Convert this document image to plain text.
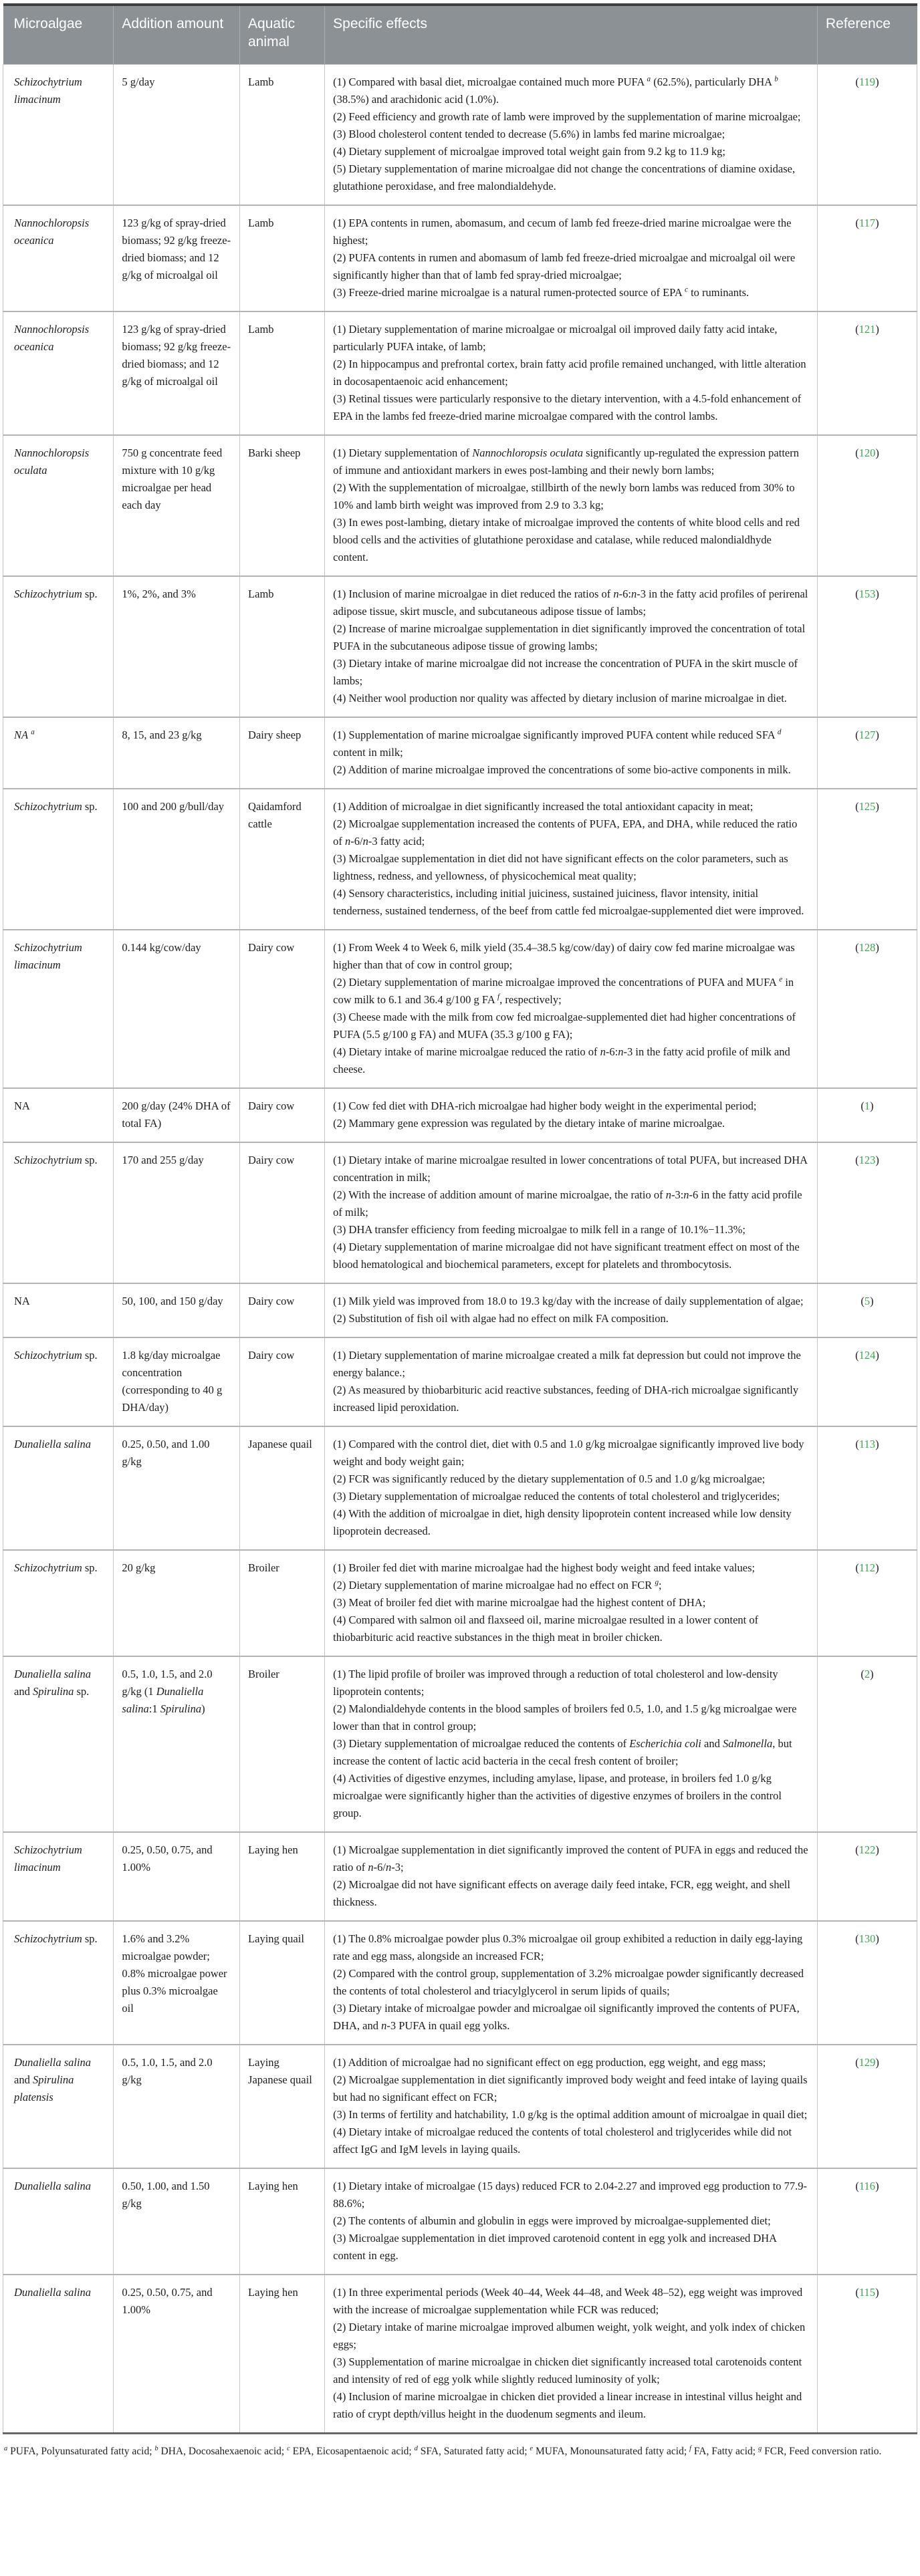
Microalgae	Addition amount	Aquatic animal	Specific effects	Reference
Schizochytrium limacinum	5 g/day	Lamb	(1) Compared with basal diet, microalgae contained much more PUFA $^a$ (62.5%), particularly DHA $^b$ (38.5%) and arachidonic acid (1.0%).
(2) Feed efficiency and growth rate of lamb were improved by the supplementation of marine microalgae;
(3) Blood cholesterol content tended to decrease (5.6%) in lambs fed marine microalgae;
(4) Dietary supplement of microalgae improved total weight gain from 9.2 kg to 11.9 kg;
(5) Dietary supplementation of marine microalgae did not change the concentrations of diamine oxidase, glutathione peroxidase, and free malondialdehyde.	(119)
Nannochloropsis oceanica	123 g/kg of spray-dried biomass; 92 g/kg freeze-dried biomass; and 12 g/kg of microalgal oil	Lamb	(1) EPA contents in rumen, abomasum, and cecum of lamb fed freeze-dried marine microalgae were the highest;
(2) PUFA contents in rumen and abomasum of lamb fed freeze-dried microalgae and microalgal oil were significantly higher than that of lamb fed spray-dried microalgae;
(3) Freeze-dried marine microalgae is a natural rumen-protected source of EPA $^c$ to ruminants.	(117)
Nannochloropsis oceanica	123 g/kg of spray-dried biomass; 92 g/kg freeze-dried biomass; and 12 g/kg of microalgal oil	Lamb	(1) Dietary supplementation of marine microalgae or microalgal oil improved daily fatty acid intake, particularly PUFA intake, of lamb;
(2) In hippocampus and prefrontal cortex, brain fatty acid profile remained unchanged, with little alteration in docosapentaenoic acid enhancement;
(3) Retinal tissues were particularly responsive to the dietary intervention, with a 4.5-fold enhancement of EPA in the lambs fed freeze-dried marine microalgae compared with the control lambs.	(121)
Nannochloropsis oculata	750 g concentrate feed mixture with 10 g/kg microalgae per head each day	Barki sheep	(1) Dietary supplementation of Nannochloropsis oculata significantly up-regulated the expression pattern of immune and antioxidant markers in ewes post-lambing and their newly born lambs;
(2) With the supplementation of microalgae, stillbirth of the newly born lambs was reduced from 30% to 10% and lamb birth weight was improved from 2.9 to 3.3 kg;
(3) In ewes post-lambing, dietary intake of microalgae improved the contents of white blood cells and red blood cells and the activities of glutathione peroxidase and catalase, while reduced malondialdhyde content.	(120)
Schizochytrium sp.	1%, 2%, and 3%	Lamb	(1) Inclusion of marine microalgae in diet reduced the ratios of n-6:n-3 in the fatty acid profiles of perirenal adipose tissue, skirt muscle, and subcutaneous adipose tissue of lambs;
(2) Increase of marine microalgae supplementation in diet significantly improved the concentration of total PUFA in the subcutaneous adipose tissue of growing lambs;
(3) Dietary intake of marine microalgae did not increase the concentration of PUFA in the skirt muscle of lambs;
(4) Neither wool production nor quality was affected by dietary inclusion of marine microalgae in diet.	(153)
NA $^a$	8, 15, and 23 g/kg	Dairy sheep	(1) Supplementation of marine microalgae significantly improved PUFA content while reduced SFA $^d$ content in milk;
(2) Addition of marine microalgae improved the concentrations of some bio-active components in milk.	(127)
Schizochytrium sp.	100 and 200 g/bull/day	Qaidamford cattle	(1) Addition of microalgae in diet significantly increased the total antioxidant capacity in meat;
(2) Microalgae supplementation increased the contents of PUFA, EPA, and DHA, while reduced the ratio of n-6/n-3 fatty acid;
(3) Microalgae supplementation in diet did not have significant effects on the color parameters, such as lightness, redness, and yellowness, of physicochemical meat quality;
(4) Sensory characteristics, including initial juiciness, sustained juiciness, flavor intensity, initial tenderness, sustained tenderness, of the beef from cattle fed microalgae-supplemented diet were improved.	(125)
Schizochytrium limacinum	0.144 kg/cow/day	Dairy cow	(1) From Week 4 to Week 6, milk yield (35.4–38.5 kg/cow/day) of dairy cow fed marine microalgae was higher than that of cow in control group;
(2) Dietary supplementation of marine microalgae improved the concentrations of PUFA and MUFA $^e$ in cow milk to 6.1 and 36.4 g/100 g FA $^f$, respectively;
(3) Cheese made with the milk from cow fed microalgae-supplemented diet had higher concentrations of PUFA (5.5 g/100 g FA) and MUFA (35.3 g/100 g FA);
(4) Dietary intake of marine microalgae reduced the ratio of n-6:n-3 in the fatty acid profile of milk and cheese.	(128)
NA	200 g/day (24% DHA of total FA)	Dairy cow	(1) Cow fed diet with DHA-rich microalgae had higher body weight in the experimental period;
(2) Mammary gene expression was regulated by the dietary intake of marine microalgae.	(1)
Schizochytrium sp.	170 and 255 g/day	Dairy cow	(1) Dietary intake of marine microalgae resulted in lower concentrations of total PUFA, but increased DHA concentration in milk;
(2) With the increase of addition amount of marine microalgae, the ratio of n-3:n-6 in the fatty acid profile of milk;
(3) DHA transfer efficiency from feeding microalgae to milk fell in a range of 10.1%−11.3%;
(4) Dietary supplementation of marine microalgae did not have significant treatment effect on most of the blood hematological and biochemical parameters, except for platelets and thrombocytosis.	(123)
NA	50, 100, and 150 g/day	Dairy cow	(1) Milk yield was improved from 18.0 to 19.3 kg/day with the increase of daily supplementation of algae;
(2) Substitution of fish oil with algae had no effect on milk FA composition.	(5)
Schizochytrium sp.	1.8 kg/day microalgae concentration (corresponding to 40 g DHA/day)	Dairy cow	(1) Dietary supplementation of marine microalgae created a milk fat depression but could not improve the energy balance.;
(2) As measured by thiobarbituric acid reactive substances, feeding of DHA-rich microalgae significantly increased lipid peroxidation.	(124)
Dunaliella salina	0.25, 0.50, and 1.00 g/kg	Japanese quail	(1) Compared with the control diet, diet with 0.5 and 1.0 g/kg microalgae significantly improved live body weight and body weight gain;
(2) FCR was significantly reduced by the dietary supplementation of 0.5 and 1.0 g/kg microalgae;
(3) Dietary supplementation of microalgae reduced the contents of total cholesterol and triglycerides;
(4) With the addition of microalgae in diet, high density lipoprotein content increased while low density lipoprotein decreased.	(113)
Schizochytrium sp.	20 g/kg	Broiler	(1) Broiler fed diet with marine microalgae had the highest body weight and feed intake values;
(2) Dietary supplementation of marine microalgae had no effect on FCR $^g$;
(3) Meat of broiler fed diet with marine microalgae had the highest content of DHA;
(4) Compared with salmon oil and flaxseed oil, marine microalgae resulted in a lower content of thiobarbituric acid reactive substances in the thigh meat in broiler chicken.	(112)
Dunaliella salina and Spirulina sp.	0.5, 1.0, 1.5, and 2.0 g/kg (1 Dunaliella salina:1 Spirulina)	Broiler	(1) The lipid profile of broiler was improved through a reduction of total cholesterol and low-density lipoprotein contents;
(2) Malondialdehyde contents in the blood samples of broilers fed 0.5, 1.0, and 1.5 g/kg microalgae were lower than that in control group;
(3) Dietary supplementation of microalgae reduced the contents of Escherichia coli and Salmonella, but increase the content of lactic acid bacteria in the cecal fresh content of broiler;
(4) Activities of digestive enzymes, including amylase, lipase, and protease, in broilers fed 1.0 g/kg microalgae were significantly higher than the activities of digestive enzymes of broilers in the control group.	(2)
Schizochytrium limacinum	0.25, 0.50, 0.75, and 1.00%	Laying hen	(1) Microalgae supplementation in diet significantly improved the content of PUFA in eggs and reduced the ratio of n-6/n-3;
(2) Microalgae did not have significant effects on average daily feed intake, FCR, egg weight, and shell thickness.	(122)
Schizochytrium sp.	1.6% and 3.2% microalgae powder; 0.8% microalgae power plus 0.3% microalgae oil	Laying quail	(1) The 0.8% microalgae powder plus 0.3% microalgae oil group exhibited a reduction in daily egg-laying rate and egg mass, alongside an increased FCR;
(2) Compared with the control group, supplementation of 3.2% microalgae powder significantly decreased the contents of total cholesterol and triacylglycerol in serum lipids of quails;
(3) Dietary intake of microalgae powder and microalgae oil significantly improved the contents of PUFA, DHA, and n-3 PUFA in quail egg yolks.	(130)
Dunaliella salina and Spirulina platensis	0.5, 1.0, 1.5, and 2.0 g/kg	Laying Japanese quail	(1) Addition of microalgae had no significant effect on egg production, egg weight, and egg mass;
(2) Microalgae supplementation in diet significantly improved body weight and feed intake of laying quails but had no significant effect on FCR;
(3) In terms of fertility and hatchability, 1.0 g/kg is the optimal addition amount of microalgae in quail diet;
(4) Dietary intake of microalgae reduced the contents of total cholesterol and triglycerides while did not affect IgG and IgM levels in laying quails.	(129)
Dunaliella salina	0.50, 1.00, and 1.50 g/kg	Laying hen	(1) Dietary intake of microalgae (15 days) reduced FCR to 2.04-2.27 and improved egg production to 77.9-88.6%;
(2) The contents of albumin and globulin in eggs were improved by microalgae-supplemented diet;
(3) Microalgae supplementation in diet improved carotenoid content in egg yolk and increased DHA content in egg.	(116)
Dunaliella salina	0.25, 0.50, 0.75, and 1.00%	Laying hen	(1) In three experimental periods (Week 40–44, Week 44–48, and Week 48–52), egg weight was improved with the increase of microalgae supplementation while FCR was reduced;
(2) Dietary intake of marine microalgae improved albumen weight, yolk weight, and yolk index of chicken eggs;
(3) Supplementation of marine microalgae in chicken diet significantly increased total carotenoids content and intensity of red of egg yolk while slightly reduced luminosity of yolk;
(4) Inclusion of marine microalgae in chicken diet provided a linear increase in intestinal villus height and ratio of crypt depth/villus height in the duodenum segments and ileum.	(115)
$^a$ PUFA, Polyunsaturated fatty acid; $^b$ DHA, Docosahexaenoic acid; $^c$ EPA, Eicosapentaenoic acid; $^d$ SFA, Saturated fatty acid; $^e$ MUFA, Monounsaturated fatty acid; $^f$ FA, Fatty acid; $^g$ FCR, Feed conversion ratio.
